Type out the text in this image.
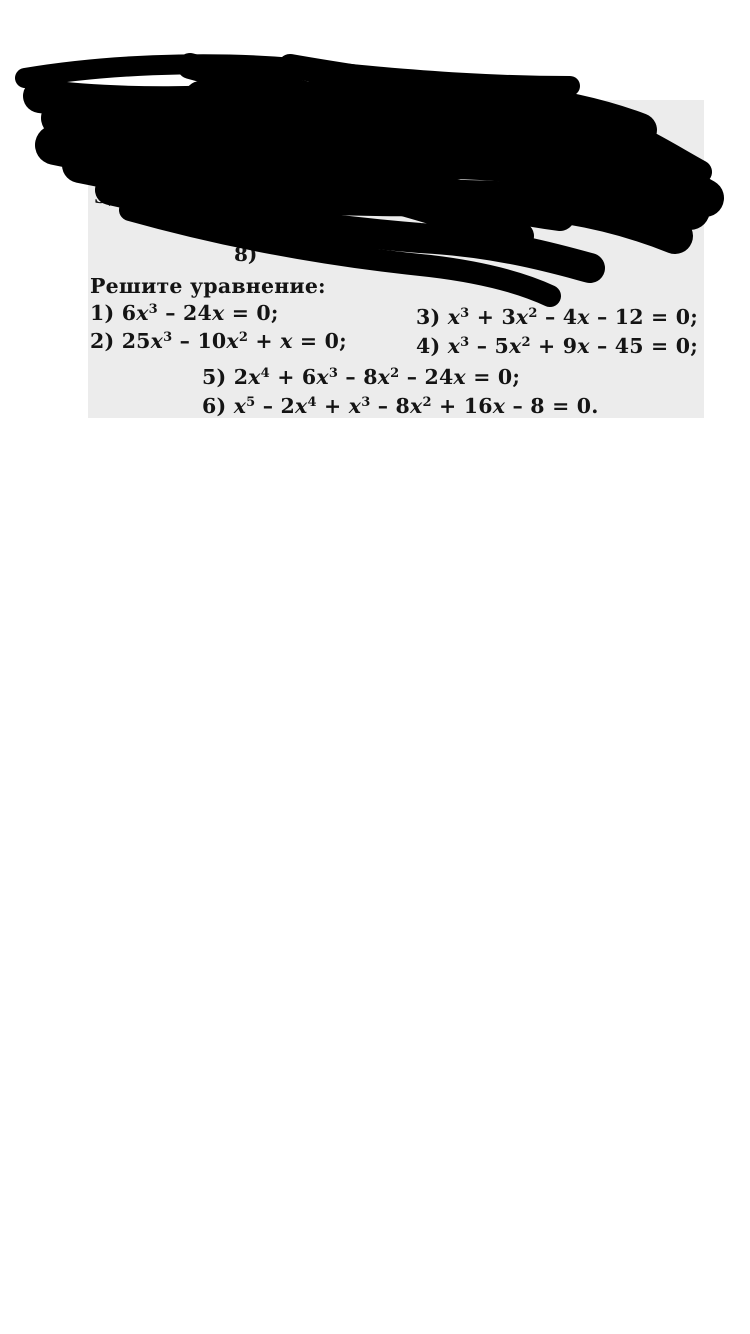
3)
8)	b² + 4
Решите уравнение:
1) $6x^3 - 24x = 0$;	3) $x^3 + 3x^2 - 4x - 12 = 0$;
2) $25x^3 - 10x^2 + x = 0$;	4) $x^3 - 5x^2 + 9x - 45 = 0$;
5) $2x^4 + 6x^3 - 8x^2 - 24x = 0$;
6) $x^5 - 2x^4 + x^3 - 8x^2 + 16x - 8 = 0$.
